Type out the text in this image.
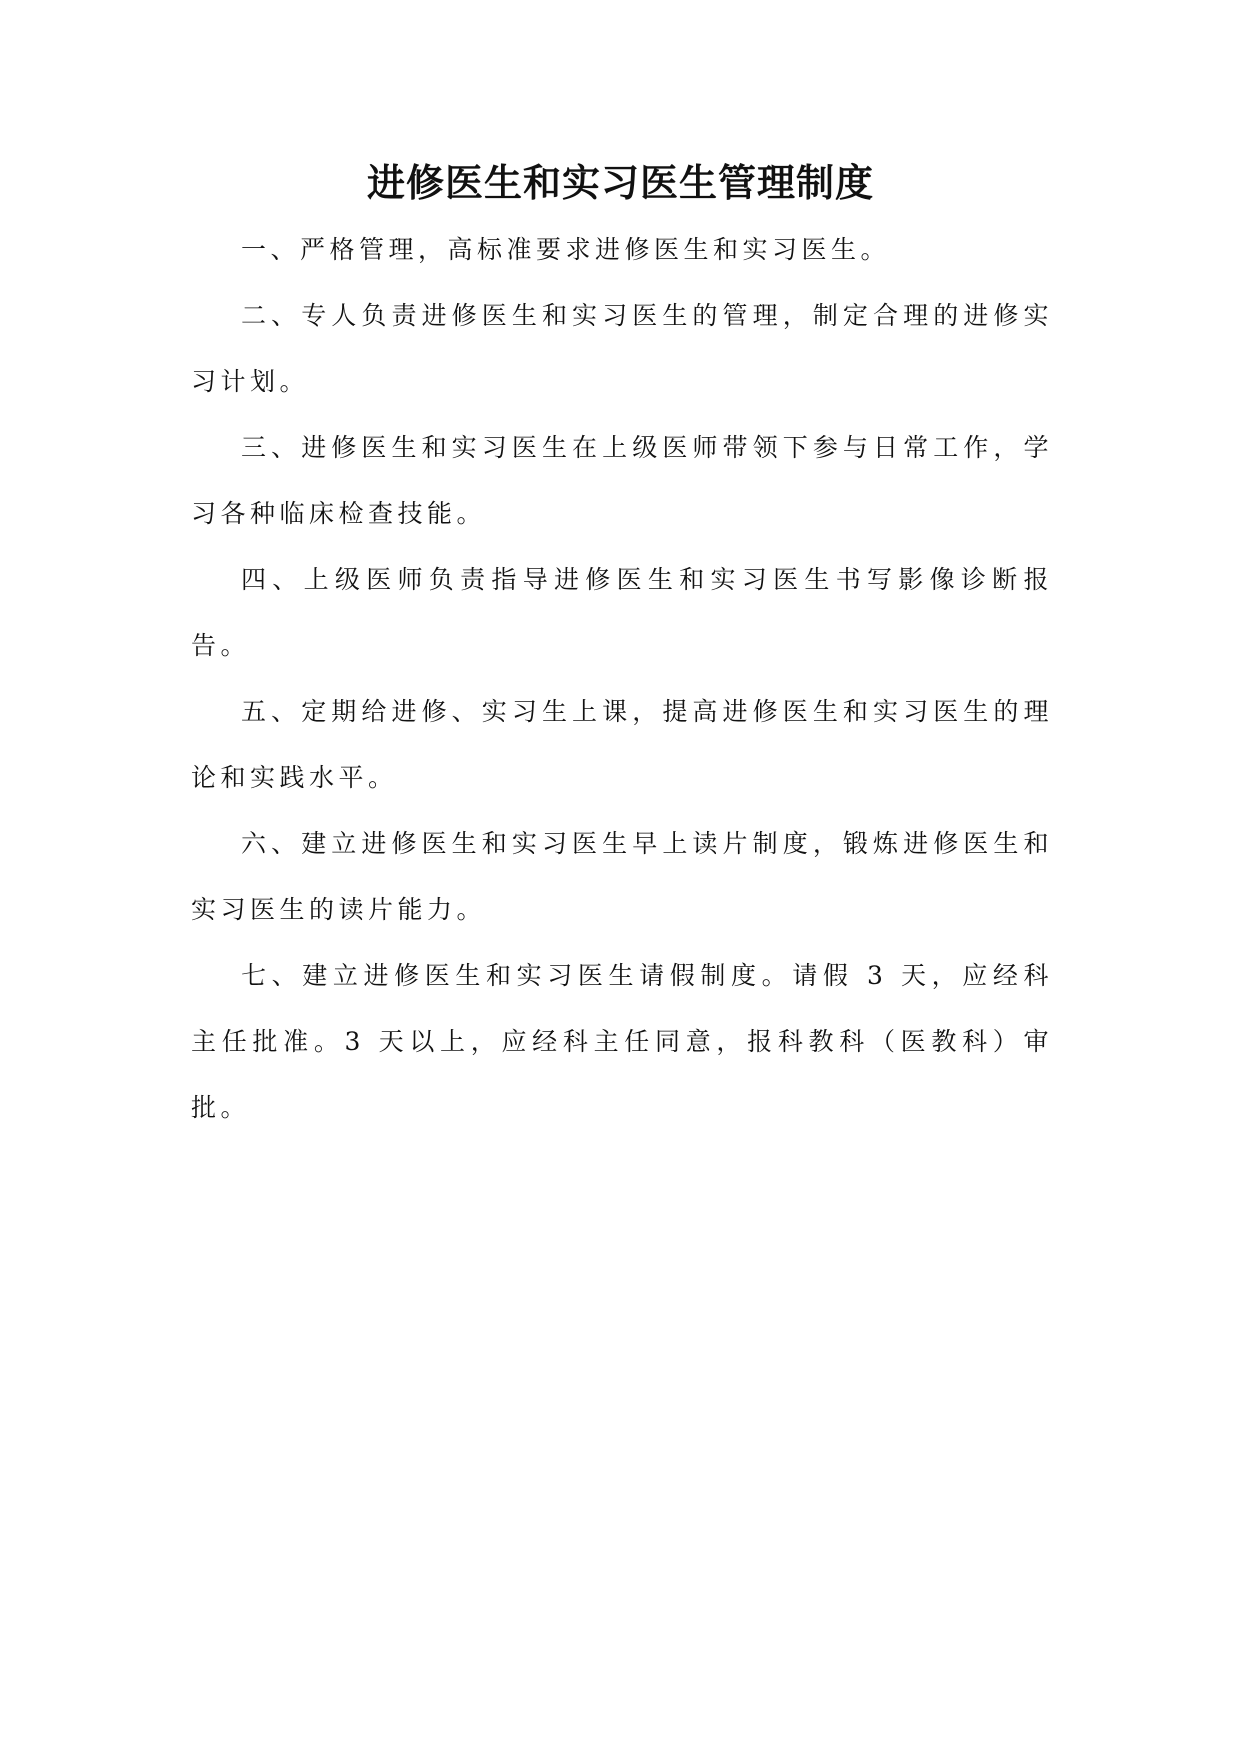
进修医生和实习医生管理制度

一、严格管理，高标准要求进修医生和实习医生。

二、专人负责进修医生和实习医生的管理，制定合理的进修实习计划。

三、进修医生和实习医生在上级医师带领下参与日常工作，学习各种临床检查技能。

四、上级医师负责指导进修医生和实习医生书写影像诊断报告。

五、定期给进修、实习生上课，提高进修医生和实习医生的理论和实践水平。

六、建立进修医生和实习医生早上读片制度，锻炼进修医生和实习医生的读片能力。

七、建立进修医生和实习医生请假制度。请假 3 天，应经科主任批准。3 天以上，应经科主任同意，报科教科（医教科）审批。
